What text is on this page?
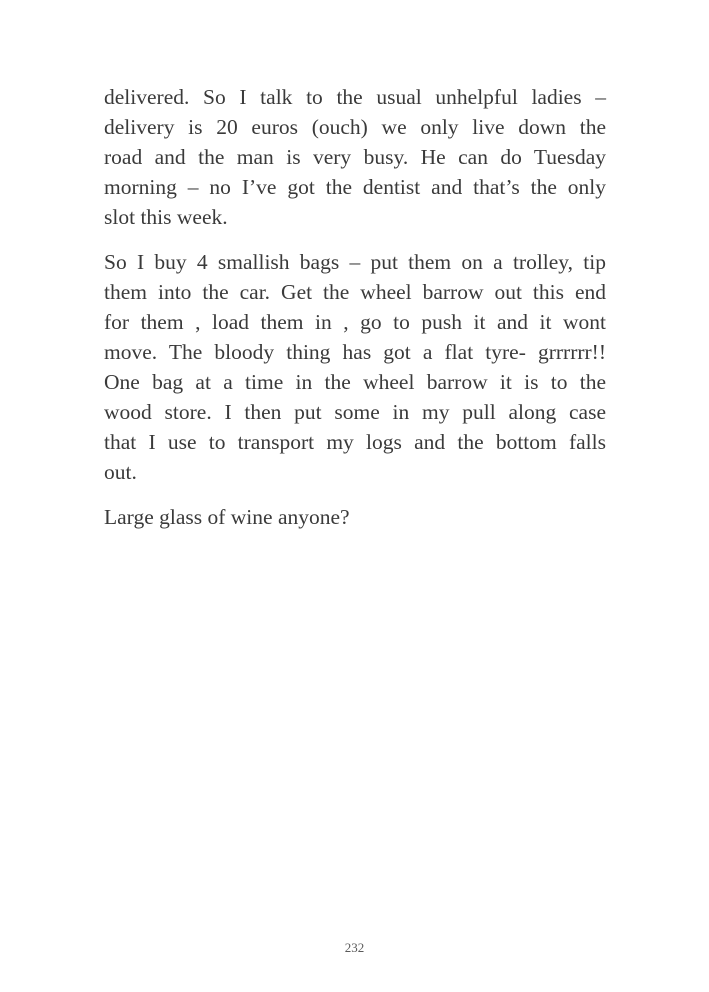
delivered. So I talk to the usual unhelpful ladies –
delivery is 20 euros (ouch) we only live down the
road and the man is very busy. He can do Tuesday
morning – no I’ve got the dentist and that’s the only
slot this week.

So I buy 4 smallish bags – put them on a trolley, tip
them into the car. Get the wheel barrow out this end
for them , load them in , go to push it and it wont
move. The bloody thing has got a flat tyre- grrrrrr!!
One bag at a time in the wheel barrow it is to the
wood store. I then put some in my pull along case
that I use to transport my logs and the bottom falls
out.

Large glass of wine anyone?

232
